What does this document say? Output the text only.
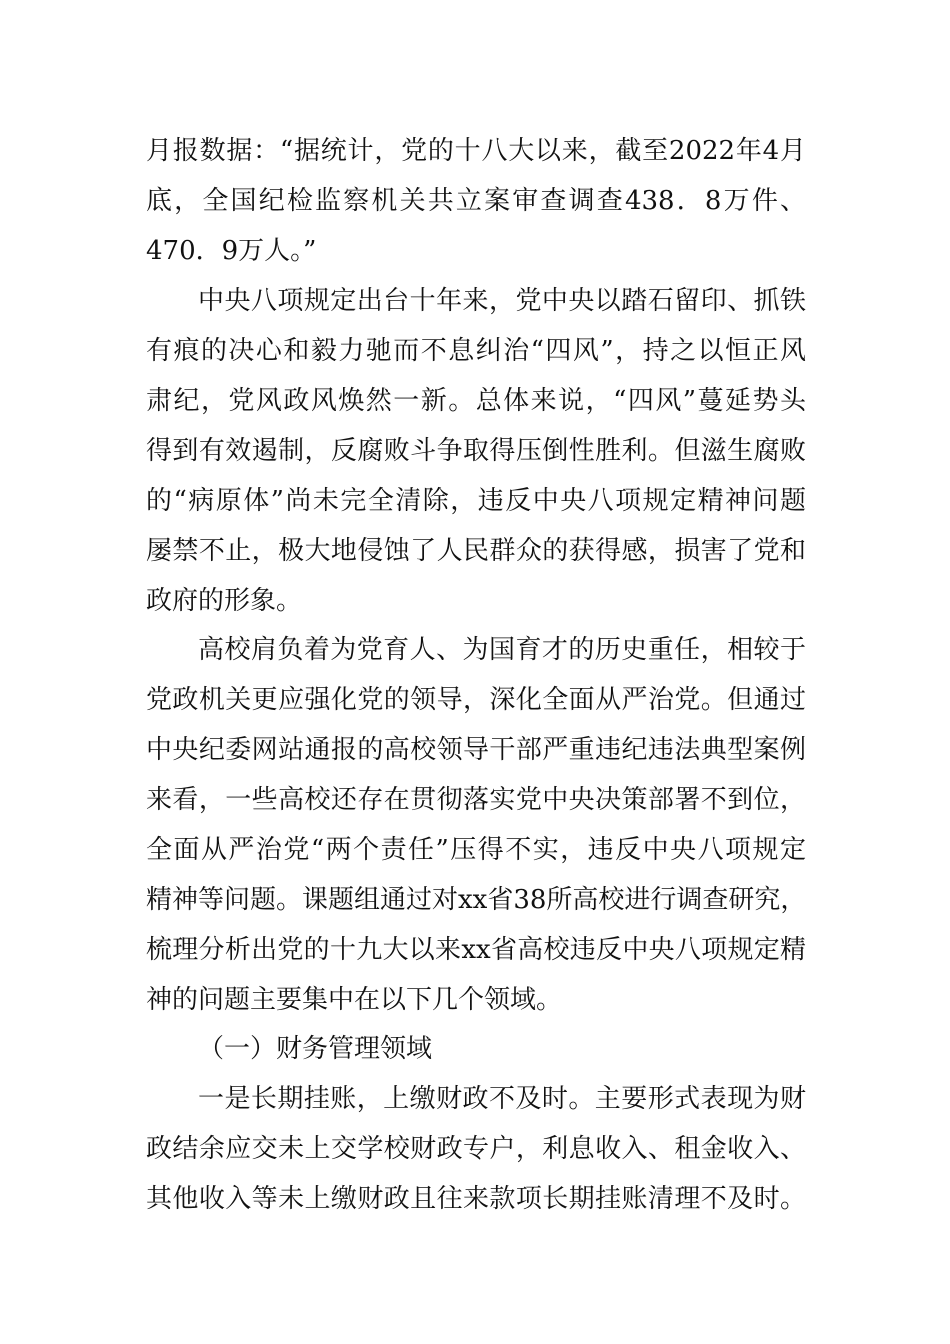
月报数据：“据统计，党的十八大以来，截至2022年4月
底，全国纪检监察机关共立案审查调查438．8万件、
470．9万人。”
中央八项规定出台十年来，党中央以踏石留印、抓铁
有痕的决心和毅力驰而不息纠治“四风”，持之以恒正风
肃纪，党风政风焕然一新。总体来说，“四风”蔓延势头
得到有效遏制，反腐败斗争取得压倒性胜利。但滋生腐败
的“病原体”尚未完全清除，违反中央八项规定精神问题
屡禁不止，极大地侵蚀了人民群众的获得感，损害了党和
政府的形象。
高校肩负着为党育人、为国育才的历史重任，相较于
党政机关更应强化党的领导，深化全面从严治党。但通过
中央纪委网站通报的高校领导干部严重违纪违法典型案例
来看，一些高校还存在贯彻落实党中央决策部署不到位，
全面从严治党“两个责任”压得不实，违反中央八项规定
精神等问题。课题组通过对xx省38所高校进行调查研究，
梳理分析出党的十九大以来xx省高校违反中央八项规定精
神的问题主要集中在以下几个领域。
（一）财务管理领域
一是长期挂账，上缴财政不及时。主要形式表现为财
政结余应交未上交学校财政专户，利息收入、租金收入、
其他收入等未上缴财政且往来款项长期挂账清理不及时。
